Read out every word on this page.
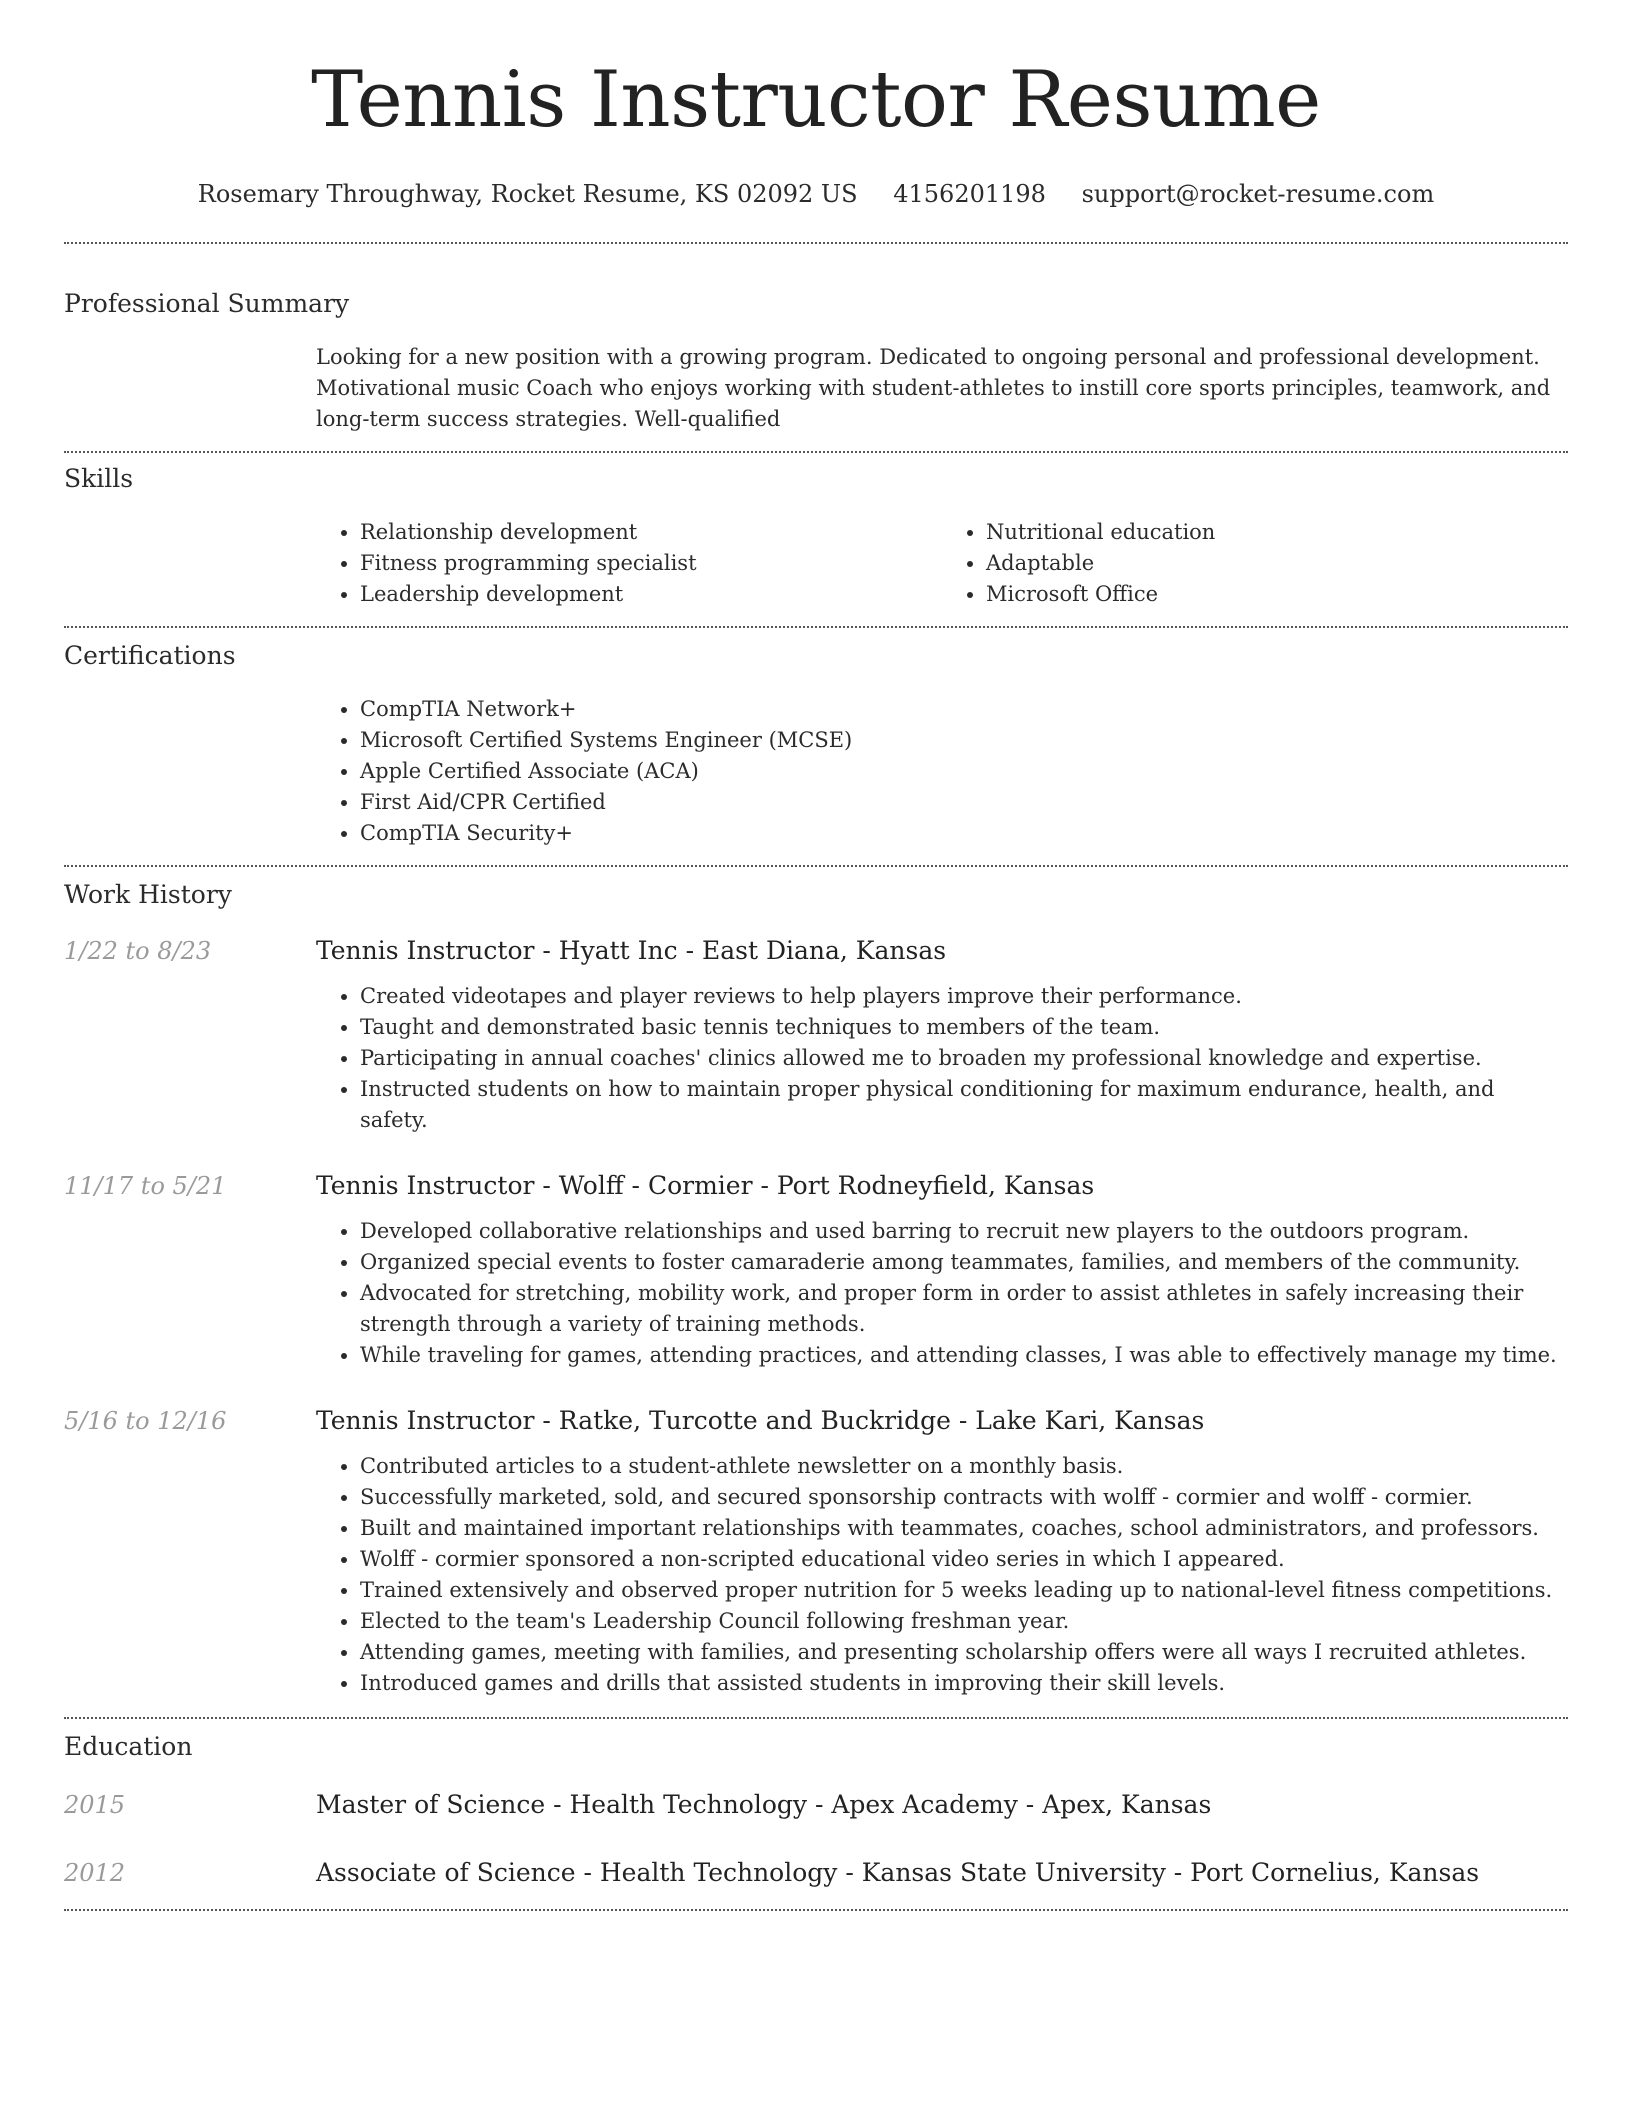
Tennis Instructor Resume
Rosemary Throughway, Rocket Resume, KS 02092 US 4156201198 support@rocket-resume.com
Professional Summary
Looking for a new position with a growing program. Dedicated to ongoing personal and professional development. Motivational music Coach who enjoys working with student-athletes to instill core sports principles, teamwork, and long-term success strategies. Well-qualified
Skills
• Relationship development
• Fitness programming specialist
• Leadership development
• Nutritional education
• Adaptable
• Microsoft Office
Certifications
• CompTIA Network+
• Microsoft Certified Systems Engineer (MCSE)
• Apple Certified Associate (ACA)
• First Aid/CPR Certified
• CompTIA Security+
Work History
1/22 to 8/23	Tennis Instructor - Hyatt Inc - East Diana, Kansas
• Created videotapes and player reviews to help players improve their performance.
• Taught and demonstrated basic tennis techniques to members of the team.
• Participating in annual coaches' clinics allowed me to broaden my professional knowledge and expertise.
• Instructed students on how to maintain proper physical conditioning for maximum endurance, health, and safety.
11/17 to 5/21	Tennis Instructor - Wolff - Cormier - Port Rodneyfield, Kansas
• Developed collaborative relationships and used barring to recruit new players to the outdoors program.
• Organized special events to foster camaraderie among teammates, families, and members of the community.
• Advocated for stretching, mobility work, and proper form in order to assist athletes in safely increasing their strength through a variety of training methods.
• While traveling for games, attending practices, and attending classes, I was able to effectively manage my time.
5/16 to 12/16	Tennis Instructor - Ratke, Turcotte and Buckridge - Lake Kari, Kansas
• Contributed articles to a student-athlete newsletter on a monthly basis.
• Successfully marketed, sold, and secured sponsorship contracts with wolff - cormier and wolff - cormier.
• Built and maintained important relationships with teammates, coaches, school administrators, and professors.
• Wolff - cormier sponsored a non-scripted educational video series in which I appeared.
• Trained extensively and observed proper nutrition for 5 weeks leading up to national-level fitness competitions.
• Elected to the team's Leadership Council following freshman year.
• Attending games, meeting with families, and presenting scholarship offers were all ways I recruited athletes.
• Introduced games and drills that assisted students in improving their skill levels.
Education
2015	Master of Science - Health Technology - Apex Academy - Apex, Kansas
2012	Associate of Science - Health Technology - Kansas State University - Port Cornelius, Kansas
